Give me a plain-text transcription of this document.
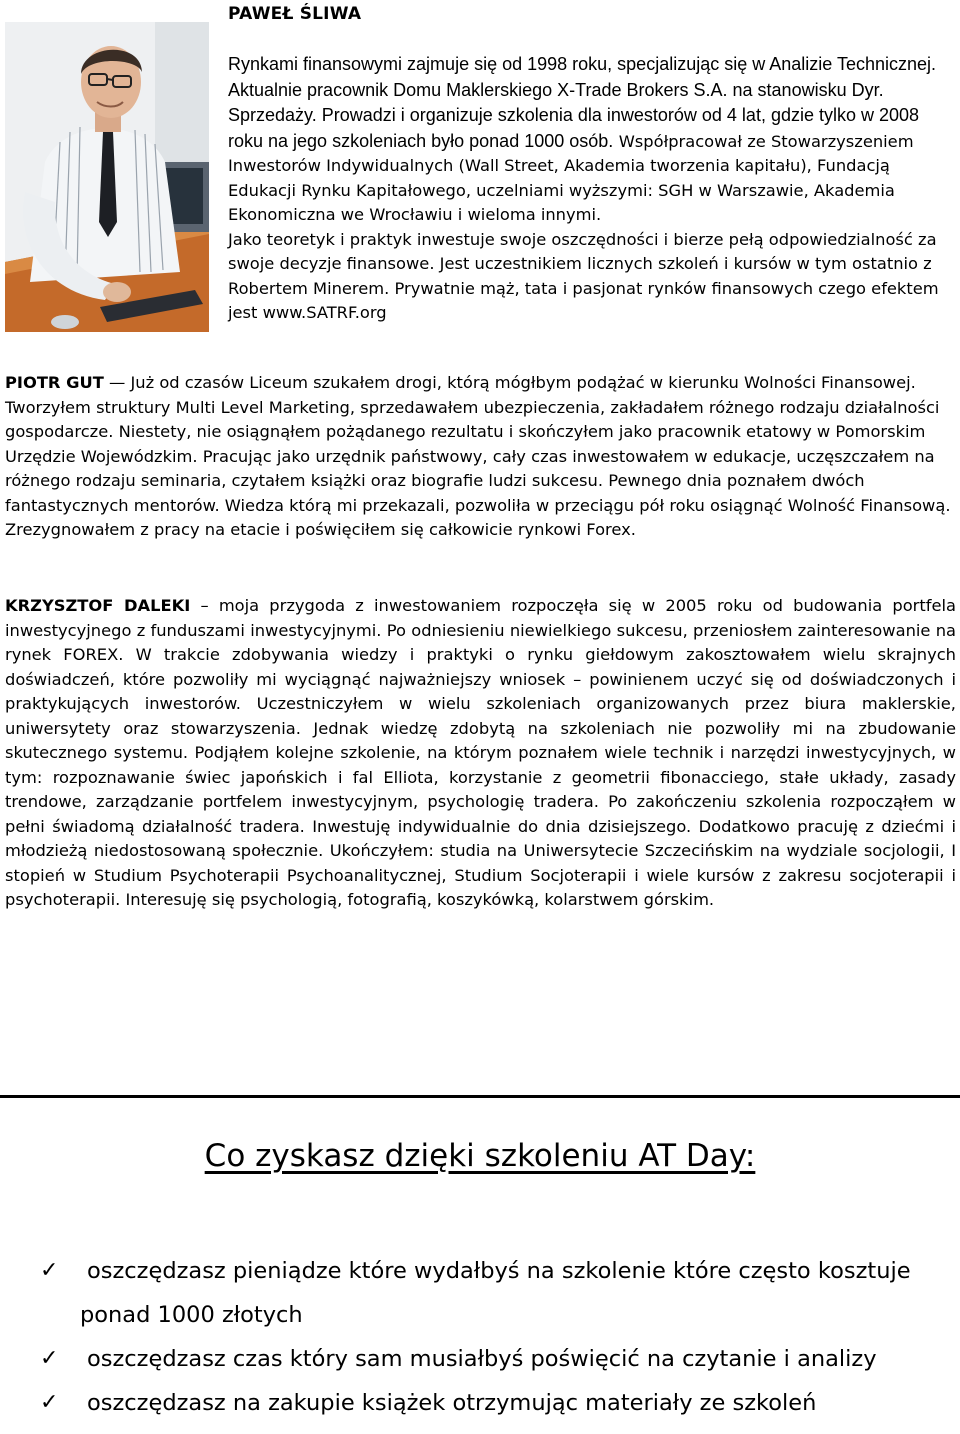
PAWEŁ ŚLIWA
Rynkami finansowymi zajmuje się od 1998 roku, specjalizując się w Analizie Technicznej. Aktualnie pracownik Domu Maklerskiego X-Trade Brokers S.A. na stanowisku Dyr. Sprzedaży. Prowadzi i organizuje szkolenia dla inwestorów od 4 lat, gdzie tylko w 2008 roku na jego szkoleniach było ponad 1000 osób. Współpracował ze Stowarzyszeniem Inwestorów Indywidualnych (Wall Street, Akademia tworzenia kapitału), Fundacją Edukacji Rynku Kapitałowego, uczelniami wyższymi: SGH w Warszawie, Akademia Ekonomiczna we Wrocławiu i wieloma innymi.
Jako teoretyk i praktyk inwestuje swoje oszczędności i bierze pełą odpowiedzialność za swoje decyzje finansowe. Jest uczestnikiem licznych szkoleń i kursów w tym ostatnio z Robertem Minerem. Prywatnie mąż, tata i pasjonat rynków finansowych czego efektem jest www.SATRF.org
PIOTR GUT — Już od czasów Liceum szukałem drogi, którą mógłbym podążać w kierunku Wolności Finansowej. Tworzyłem struktury Multi Level Marketing, sprzedawałem ubezpieczenia, zakładałem różnego rodzaju działalności gospodarcze. Niestety, nie osiągnąłem pożądanego rezultatu i skończyłem jako pracownik etatowy w Pomorskim Urzędzie Wojewódzkim. Pracując jako urzędnik państwowy, cały czas inwestowałem w edukacje, uczęszczałem na różnego rodzaju seminaria, czytałem książki oraz biografie ludzi sukcesu. Pewnego dnia poznałem dwóch fantastycznych mentorów. Wiedza którą mi przekazali, pozwoliła w przeciągu pół roku osiągnąć Wolność Finansową. Zrezygnowałem z pracy na etacie i poświęciłem się całkowicie rynkowi Forex.
KRZYSZTOF DALEKI – moja przygoda z inwestowaniem rozpoczęła się w 2005 roku od budowania portfela inwestycyjnego z funduszami inwestycyjnymi. Po odniesieniu niewielkiego sukcesu, przeniosłem zainteresowanie na rynek FOREX. W trakcie zdobywania wiedzy i praktyki o rynku giełdowym zakosztowałem wielu skrajnych doświadczeń, które pozwoliły mi wyciągnąć najważniejszy wniosek – powinienem uczyć się od doświadczonych i praktykujących inwestorów. Uczestniczyłem w wielu szkoleniach organizowanych przez biura maklerskie, uniwersytety oraz stowarzyszenia. Jednak wiedzę zdobytą na szkoleniach nie pozwoliły mi na zbudowanie skutecznego systemu. Podjąłem kolejne szkolenie, na którym poznałem wiele technik i narzędzi inwestycyjnych, w tym: rozpoznawanie świec japońskich i fal Elliota, korzystanie z geometrii fibonacciego, stałe układy, zasady trendowe, zarządzanie portfelem inwestycyjnym, psychologię tradera. Po zakończeniu szkolenia rozpocząłem w pełni świadomą działalność tradera. Inwestuję indywidualnie do dnia dzisiejszego. Dodatkowo pracuję z dziećmi i młodzieżą niedostosowaną społecznie. Ukończyłem: studia na Uniwersytecie Szczecińskim na wydziale socjologii, I stopień w Studium Psychoterapii Psychoanalitycznej, Studium Socjoterapii i wiele kursów z zakresu socjoterapii i psychoterapii. Interesuję się psychologią, fotografią, koszykówką, kolarstwem górskim.
Co zyskasz dzięki szkoleniu AT Day:
✓ oszczędzasz pieniądze które wydałbyś na szkolenie które często kosztuje
ponad 1000 złotych
✓ oszczędzasz czas który sam musiałbyś poświęcić na czytanie i analizy
✓ oszczędzasz na zakupie książek otrzymując materiały ze szkoleń
